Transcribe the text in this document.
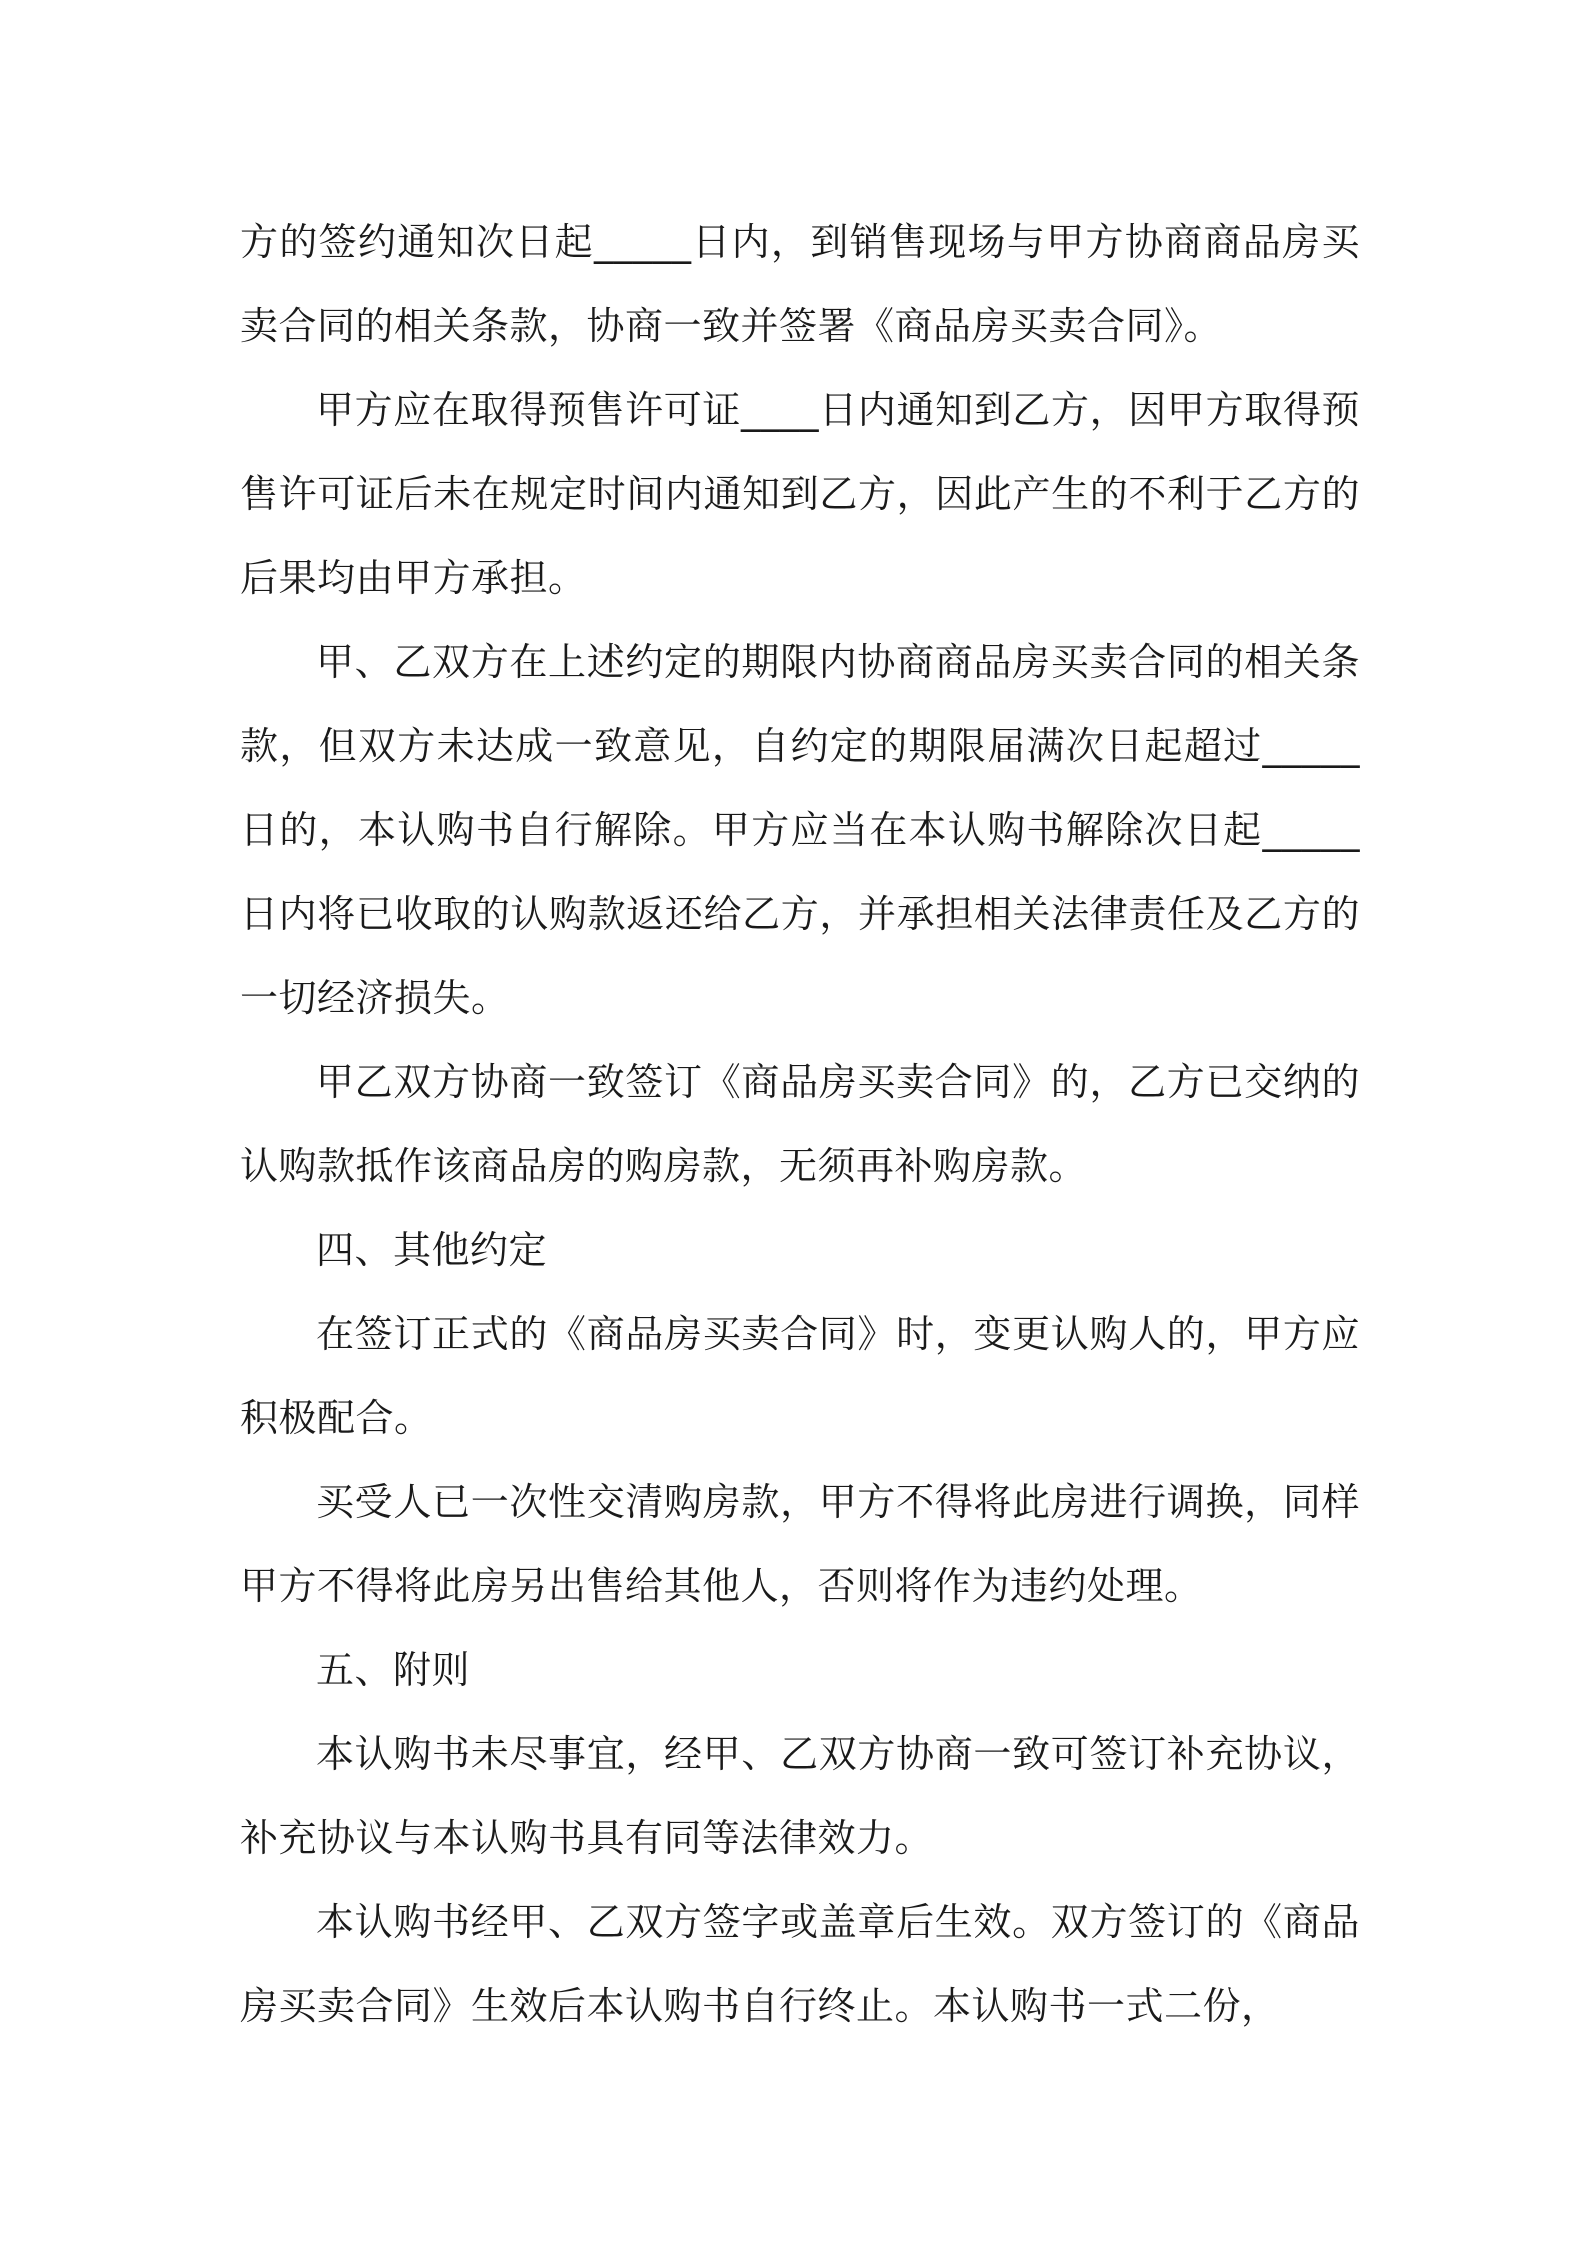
方的签约通知次日起_____日内，到销售现场与甲方协商商品房买卖合同的相关条款，协商一致并签署《商品房买卖合同》。

甲方应在取得预售许可证____日内通知到乙方，因甲方取得预售许可证后未在规定时间内通知到乙方，因此产生的不利于乙方的后果均由甲方承担。

甲、乙双方在上述约定的期限内协商商品房买卖合同的相关条款，但双方未达成一致意见，自约定的期限届满次日起超过_____日的，本认购书自行解除。甲方应当在本认购书解除次日起_____日内将已收取的认购款返还给乙方，并承担相关法律责任及乙方的一切经济损失。

甲乙双方协商一致签订《商品房买卖合同》的，乙方已交纳的认购款抵作该商品房的购房款，无须再补购房款。

四、其他约定

在签订正式的《商品房买卖合同》时，变更认购人的，甲方应积极配合。

买受人已一次性交清购房款，甲方不得将此房进行调换，同样甲方不得将此房另出售给其他人，否则将作为违约处理。

五、附则

本认购书未尽事宜，经甲、乙双方协商一致可签订补充协议，补充协议与本认购书具有同等法律效力。

本认购书经甲、乙双方签字或盖章后生效。双方签订的《商品房买卖合同》生效后本认购书自行终止。本认购书一式二份，
